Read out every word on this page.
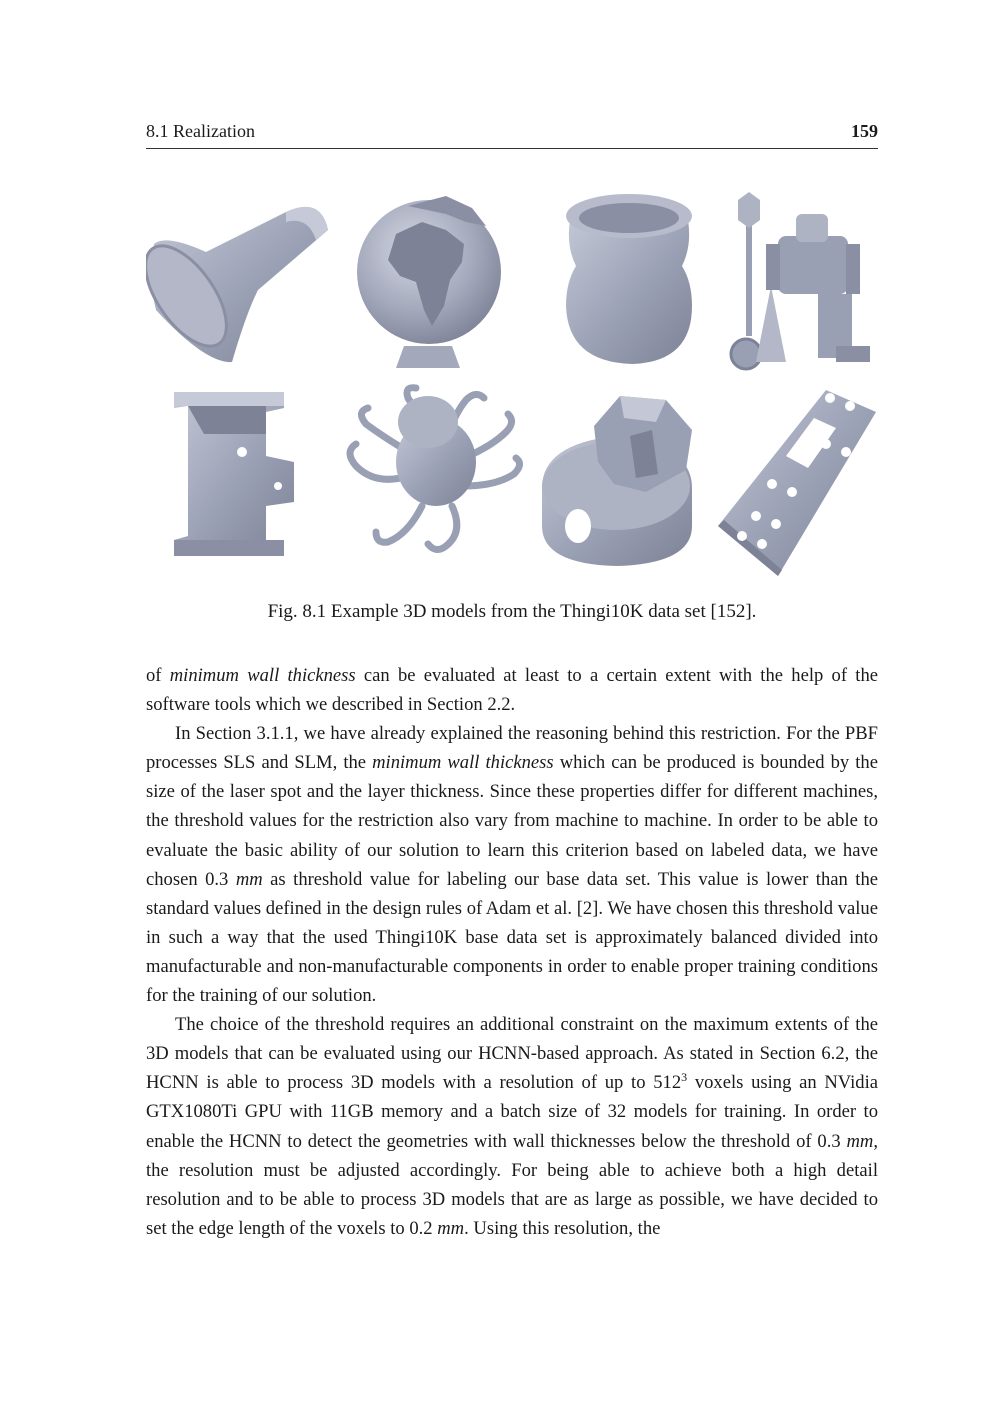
8.1 Realization	159
Fig. 8.1 Example 3D models from the Thingi10K data set [152].

of minimum wall thickness can be evaluated at least to a certain extent with the help of the software tools which we described in Section 2.2.

In Section 3.1.1, we have already explained the reasoning behind this restriction. For the PBF processes SLS and SLM, the minimum wall thickness which can be produced is bounded by the size of the laser spot and the layer thickness. Since these properties differ for different machines, the threshold values for the restriction also vary from machine to machine. In order to be able to evaluate the basic ability of our solution to learn this criterion based on labeled data, we have chosen 0.3 mm as threshold value for labeling our base data set. This value is lower than the standard values defined in the design rules of Adam et al. [2]. We have chosen this threshold value in such a way that the used Thingi10K base data set is approximately balanced divided into manufacturable and non-manufacturable components in order to enable proper training conditions for the training of our solution.

The choice of the threshold requires an additional constraint on the maximum extents of the 3D models that can be evaluated using our HCNN-based approach. As stated in Section 6.2, the HCNN is able to process 3D models with a resolution of up to $512^3$ voxels using an NVidia GTX1080Ti GPU with 11GB memory and a batch size of 32 models for training. In order to enable the HCNN to detect the geometries with wall thicknesses below the threshold of 0.3 mm, the resolution must be adjusted accordingly. For being able to achieve both a high detail resolution and to be able to process 3D models that are as large as possible, we have decided to set the edge length of the voxels to 0.2 mm. Using this resolution, the
